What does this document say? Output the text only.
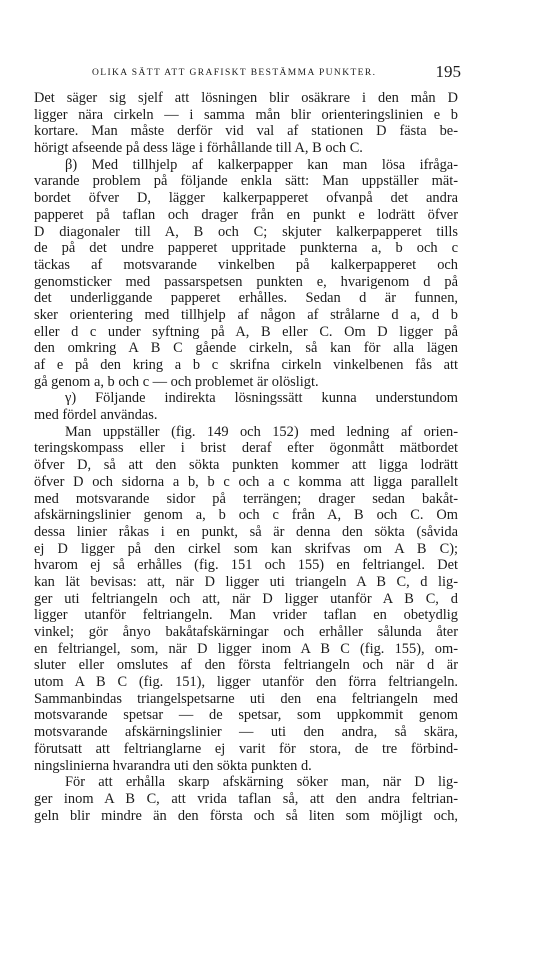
OLIKA SÄTT ATT GRAFISKT BESTÄMMA PUNKTER.	195
Det säger sig sjelf att lösningen blir osäkrare i den mån D
ligger nära cirkeln — i samma mån blir orienteringslinien e b
kortare. Man måste derför vid val af stationen D fästa be-
hörigt afseende på dess läge i förhållande till A, B och C.
β) Med tillhjelp af kalkerpapper kan man lösa ifråga-
varande problem på följande enkla sätt: Man uppställer mät-
bordet öfver D, lägger kalkerpapperet ofvanpå det andra
papperet på taflan och drager från en punkt e lodrätt öfver
D diagonaler till A, B och C; skjuter kalkerpapperet tills
de på det undre papperet uppritade punkterna a, b och c
täckas af motsvarande vinkelben på kalkerpapperet och
genomsticker med passarspetsen punkten e, hvarigenom d på
det underliggande papperet erhålles. Sedan d är funnen,
sker orientering med tillhjelp af någon af strålarne d a, d b
eller d c under syftning på A, B eller C. Om D ligger på
den omkring A B C gående cirkeln, så kan för alla lägen
af e på den kring a b c skrifna cirkeln vinkelbenen fås att
gå genom a, b och c — och problemet är olösligt.
γ) Följande indirekta lösningssätt kunna understundom
med fördel användas.
Man uppställer (fig. 149 och 152) med ledning af orien-
teringskompass eller i brist deraf efter ögonmått mätbordet
öfver D, så att den sökta punkten kommer att ligga lodrätt
öfver D och sidorna a b, b c och a c komma att ligga parallelt
med motsvarande sidor på terrängen; drager sedan bakåt-
afskärningslinier genom a, b och c från A, B och C. Om
dessa linier råkas i en punkt, så är denna den sökta (såvida
ej D ligger på den cirkel som kan skrifvas om A B C);
hvarom ej så erhålles (fig. 151 och 155) en feltriangel. Det
kan lät bevisas: att, när D ligger uti triangeln A B C, d lig-
ger uti feltriangeln och att, när D ligger utanför A B C, d
ligger utanför feltriangeln. Man vrider taflan en obetydlig
vinkel; gör ånyo bakåtafskärningar och erhåller sålunda åter
en feltriangel, som, när D ligger inom A B C (fig. 155), om-
sluter eller omslutes af den första feltriangeln och när d är
utom A B C (fig. 151), ligger utanför den förra feltriangeln.
Sammanbindas triangelspetsarne uti den ena feltriangeln med
motsvarande spetsar — de spetsar, som uppkommit genom
motsvarande afskärningslinier — uti den andra, så skära,
förutsatt att feltrianglarne ej varit för stora, de tre förbind-
ningslinierna hvarandra uti den sökta punkten d.
För att erhålla skarp afskärning söker man, när D lig-
ger inom A B C, att vrida taflan så, att den andra feltrian-
geln blir mindre än den första och så liten som möjligt och,
